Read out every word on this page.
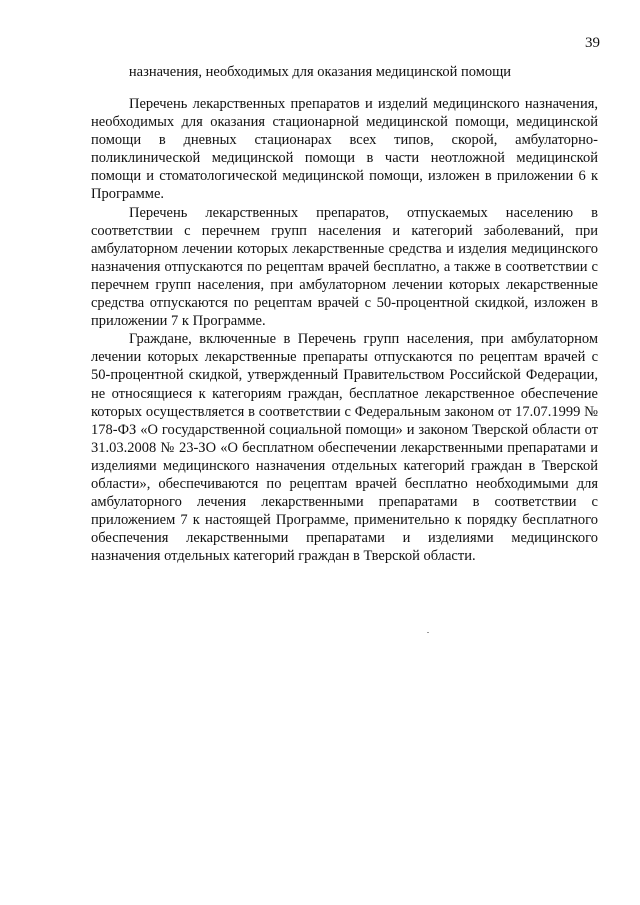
39
назначения, необходимых для оказания медицинской помощи

Перечень лекарственных препаратов и изделий медицинского назначения, необходимых для оказания стационарной медицинской помощи, медицинской помощи в дневных стационарах всех типов, скорой, амбулаторно-поликлинической медицинской помощи в части неотложной медицинской помощи и стоматологической медицинской помощи, изложен в приложении 6 к Программе.

Перечень лекарственных препаратов, отпускаемых населению в соответствии с перечнем групп населения и категорий заболеваний, при амбулаторном лечении которых лекарственные средства и изделия медицинского назначения отпускаются по рецептам врачей бесплатно, а также в соответствии с перечнем групп населения, при амбулаторном лечении которых лекарственные средства отпускаются по рецептам врачей с 50-процентной скидкой, изложен в приложении 7 к Программе.

Граждане, включенные в Перечень групп населения, при амбулаторном лечении которых лекарственные препараты отпускаются по рецептам врачей с 50-процентной скидкой, утвержденный Правительством Российской Федерации, не относящиеся к категориям граждан, бесплатное лекарственное обеспечение которых осуществляется в соответствии с Федеральным законом от 17.07.1999 № 178-ФЗ «О государственной социальной помощи» и законом Тверской области от 31.03.2008 № 23-ЗО «О бесплатном обеспечении лекарственными препаратами и изделиями медицинского назначения отдельных категорий граждан в Тверской области», обеспечиваются по рецептам врачей бесплатно необходимыми для амбулаторного лечения лекарственными препаратами в соответствии с приложением 7 к настоящей Программе, применительно к порядку бесплатного обеспечения лекарственными препаратами и изделиями медицинского назначения отдельных категорий граждан в Тверской области.
